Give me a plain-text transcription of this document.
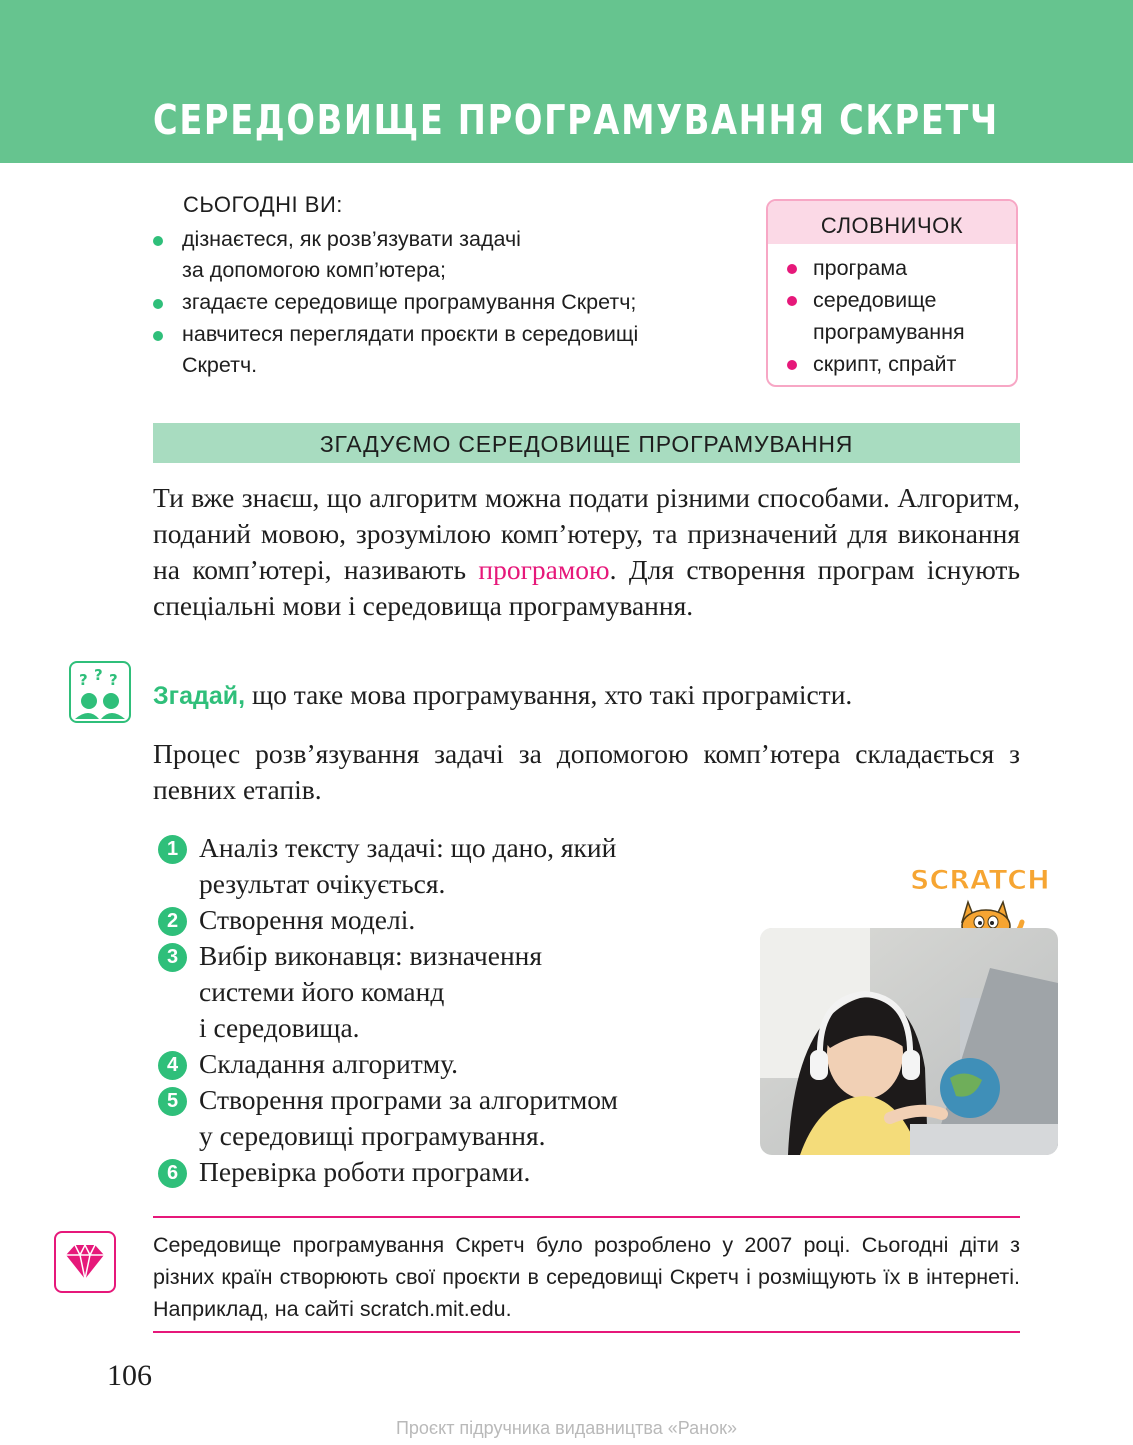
СЕРЕДОВИЩЕ ПРОГРАМУВАННЯ СКРЕТЧ
СЬОГОДНІ ВИ:
дізнаєтеся, як розв’язувати задачі
за допомогою комп’ютера;
згадаєте середовище програмування Скретч;
навчитеся переглядати проєкти в середовищі
Скретч.
СЛОВНИЧОК
програма
середовище
програмування
скрипт, спрайт
ЗГАДУЄМО СЕРЕДОВИЩЕ ПРОГРАМУВАННЯ

Ти вже знаєш, що алгоритм можна подати різними способами. Алгоритм, поданий мовою, зрозумілою комп’ютеру, та призначений для виконання на комп’ютері, називають програмою. Для створення програм існують спеціальні мови і середовища програмування.

? ? ?

Згадай, що таке мова програмування, хто такі програмісти.

Процес розв’язування задачі за допомогою комп’ютера складається з певних етапів.

1 Аналіз тексту задачі: що дано, який
результат очікується.
2 Створення моделі.
3 Вибір виконавця: визначення
системи його команд
і середовища.
4 Складання алгоритму.
5 Створення програми за алгоритмом
у середовищі програмування.
6 Перевірка роботи програми.
SCRATCH

Середовище програмування Скретч було розроблено у 2007 році. Сьогодні діти з різних країн створюють свої проєкти в середовищі Скретч і розміщують їх в інтернеті. Наприклад, на сайті scratch.mit.edu.

106
Проєкт підручника видавництва «Ранок»
